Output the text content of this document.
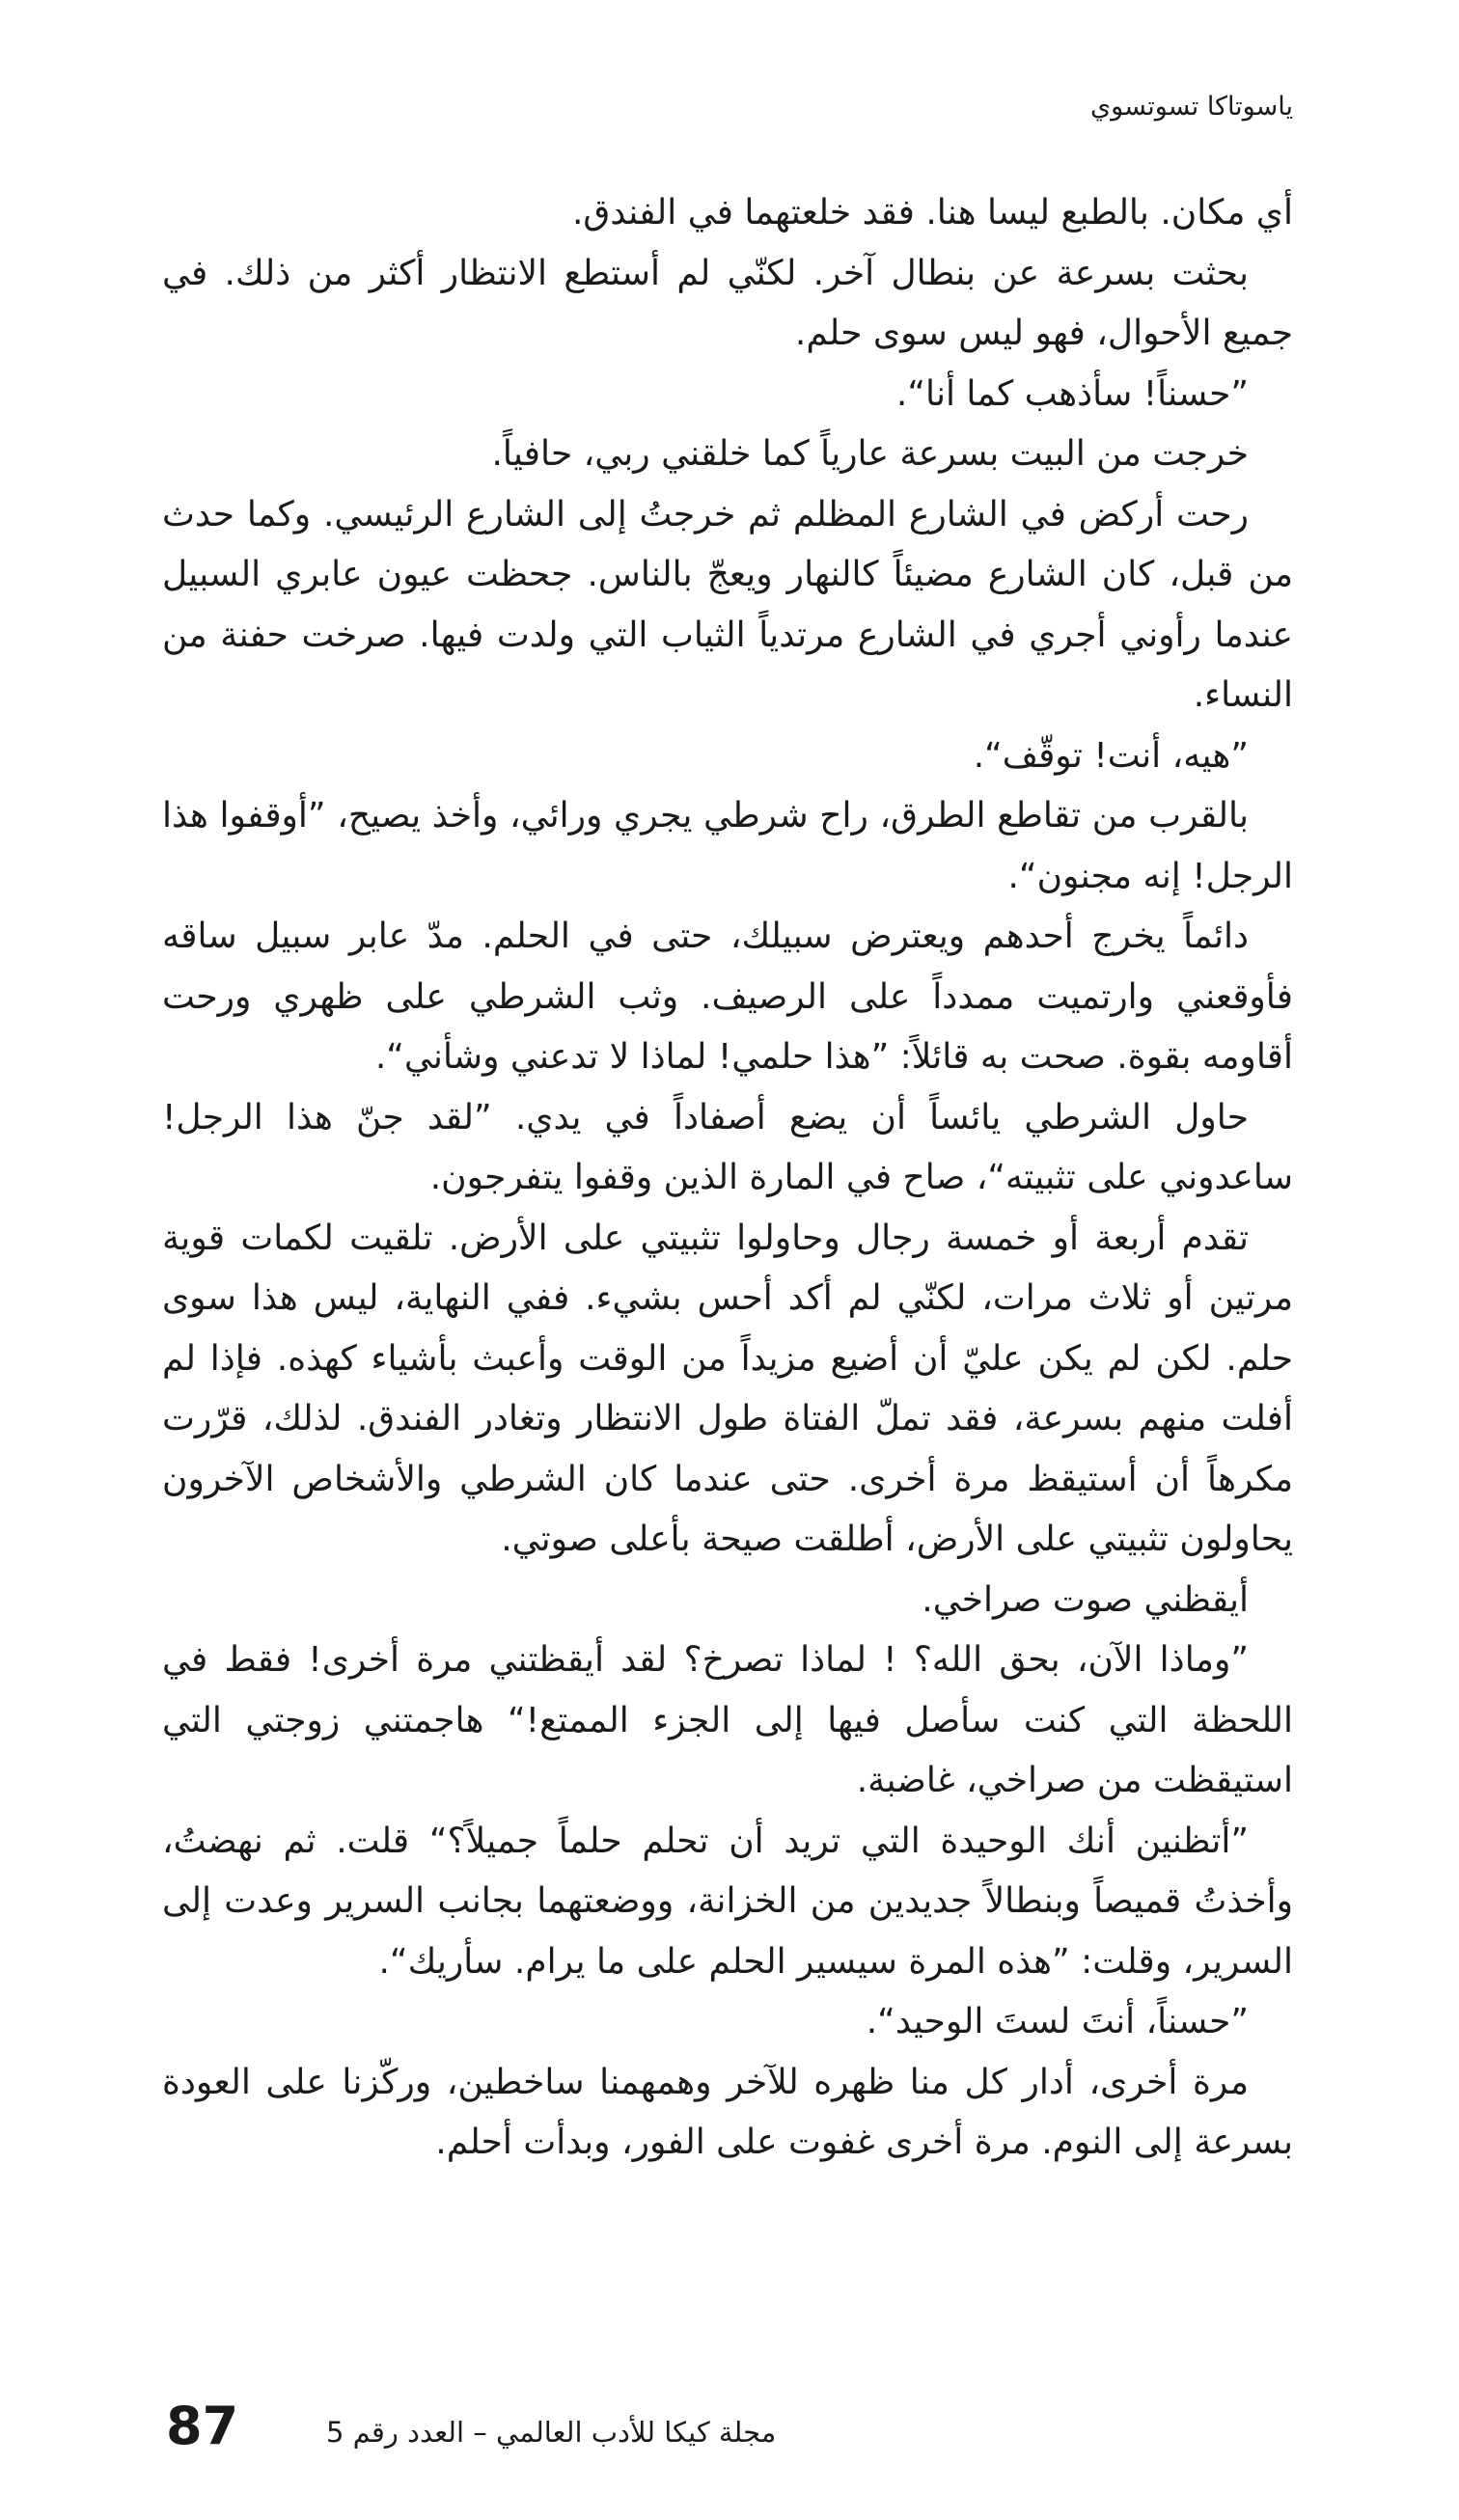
ياسوتاكا تسوتسوي

أي مكان. بالطبع ليسا هنا. فقد خلعتهما في الفندق.

بحثت بسرعة عن بنطال آخر. لكنّي لم أستطع الانتظار أكثر من ذلك. في جميع الأحوال، فهو ليس سوى حلم.

”حسناً! سأذهب كما أنا“.

خرجت من البيت بسرعة عارياً كما خلقني ربي، حافياً.

رحت أركض في الشارع المظلم ثم خرجتُ إلى الشارع الرئيسي. وكما حدث من قبل، كان الشارع مضيئاً كالنهار ويعجّ بالناس. جحظت عيون عابري السبيل عندما رأوني أجري في الشارع مرتدياً الثياب التي ولدت فيها. صرخت حفنة من النساء.

”هيه، أنت! توقّف“.

بالقرب من تقاطع الطرق، راح شرطي يجري ورائي، وأخذ يصيح، ”أوقفوا هذا الرجل! إنه مجنون“.

دائماً يخرج أحدهم ويعترض سبيلك، حتى في الحلم. مدّ عابر سبيل ساقه فأوقعني وارتميت ممدداً على الرصيف. وثب الشرطي على ظهري ورحت أقاومه بقوة. صحت به قائلاً: ”هذا حلمي! لماذا لا تدعني وشأني“.

حاول الشرطي يائساً أن يضع أصفاداً في يدي. ”لقد جنّ هذا الرجل! ساعدوني على تثبيته“، صاح في المارة الذين وقفوا يتفرجون.

تقدم أربعة أو خمسة رجال وحاولوا تثبيتي على الأرض. تلقيت لكمات قوية مرتين أو ثلاث مرات، لكنّي لم أكد أحس بشيء. ففي النهاية، ليس هذا سوى حلم. لكن لم يكن عليّ أن أضيع مزيداً من الوقت وأعبث بأشياء كهذه. فإذا لم أفلت منهم بسرعة، فقد تملّ الفتاة طول الانتظار وتغادر الفندق. لذلك، قرّرت مكرهاً أن أستيقظ مرة أخرى. حتى عندما كان الشرطي والأشخاص الآخرون يحاولون تثبيتي على الأرض، أطلقت صيحة بأعلى صوتي.

أيقظني صوت صراخي.

”وماذا الآن، بحق الله؟ ! لماذا تصرخ؟ لقد أيقظتني مرة أخرى! فقط في اللحظة التي كنت سأصل فيها إلى الجزء الممتع!“ هاجمتني زوجتي التي استيقظت من صراخي، غاضبة.

”أتظنين أنك الوحيدة التي تريد أن تحلم حلماً جميلاً؟“ قلت. ثم نهضتُ، وأخذتُ قميصاً وبنطالاً جديدين من الخزانة، ووضعتهما بجانب السرير وعدت إلى السرير، وقلت: ”هذه المرة سيسير الحلم على ما يرام. سأريك“.

”حسناً، أنتَ لستَ الوحيد“.

مرة أخرى، أدار كل منا ظهره للآخر وهمهمنا ساخطين، وركّزنا على العودة بسرعة إلى النوم. مرة أخرى غفوت على الفور، وبدأت أحلم.

87	مجلة كيكا للأدب العالمي – العدد رقم 5
